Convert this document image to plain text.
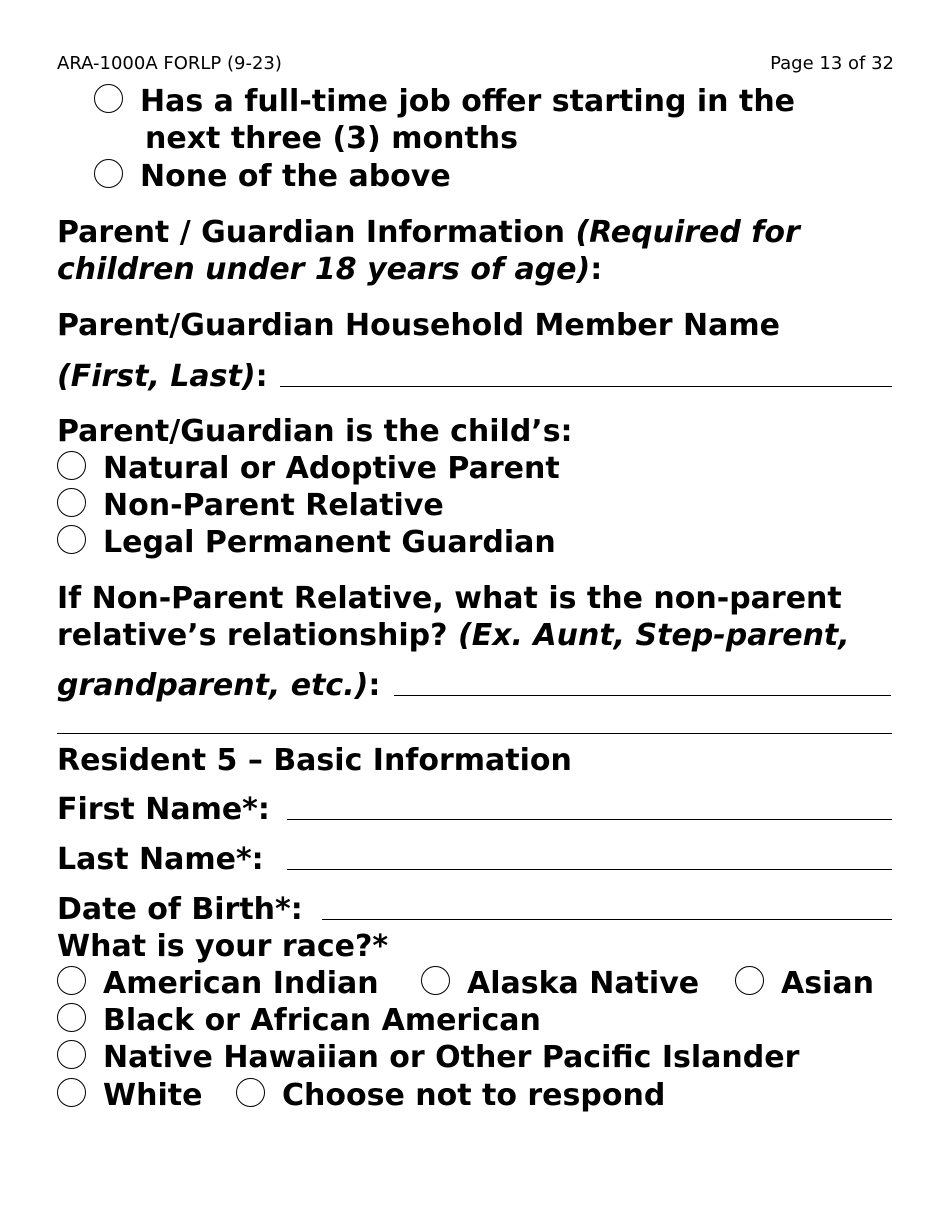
ARA-1000A FORLP (9-23)	Page 13 of 32
Has a full-time job offer starting in the
next three (3) months
None of the above
Parent / Guardian Information (Required for
children under 18 years of age):
Parent/Guardian Household Member Name
(First, Last):
Parent/Guardian is the child’s:
Natural or Adoptive Parent
Non-Parent Relative
Legal Permanent Guardian
If Non-Parent Relative, what is the non-parent
relative’s relationship? (Ex. Aunt, Step-parent,
grandparent, etc.):
Resident 5 – Basic Information
First Name*:
Last Name*:
Date of Birth*:
What is your race?*
American Indian	Alaska Native	Asian
Black or African American
Native Hawaiian or Other Pacific Islander
White	Choose not to respond
